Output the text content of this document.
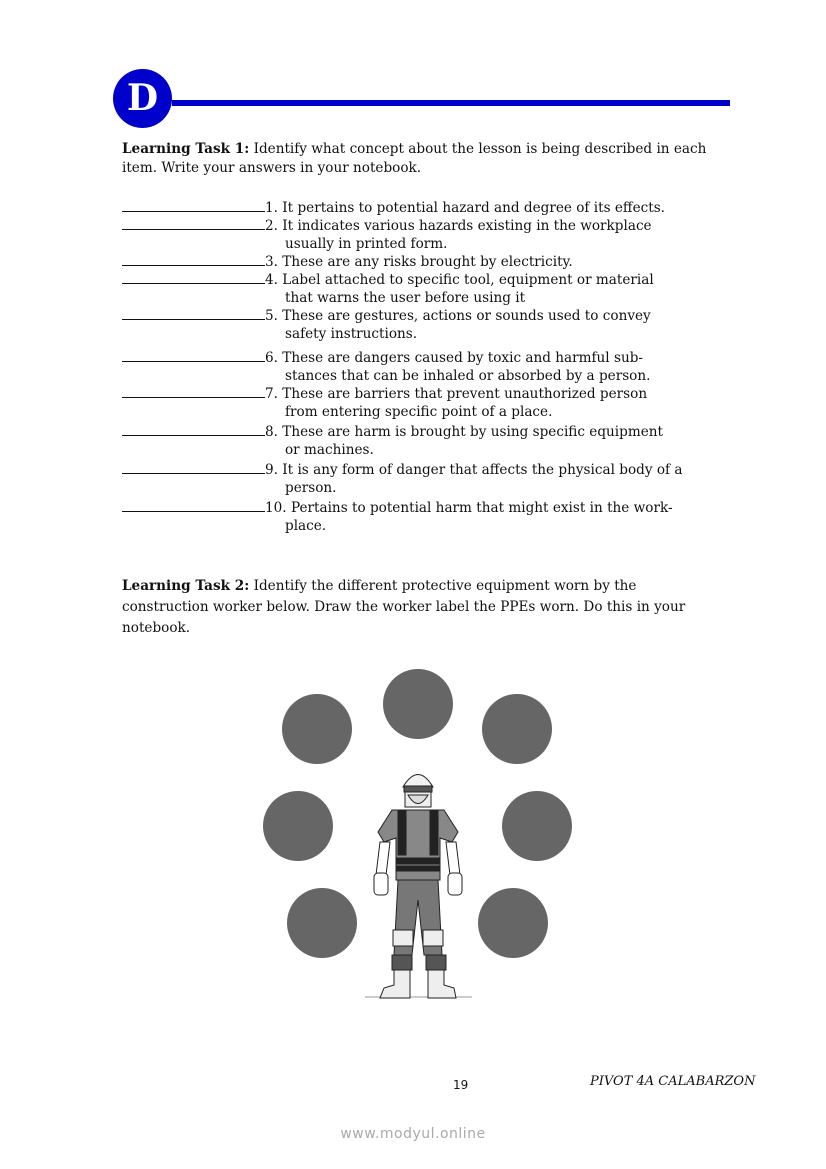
D
Learning Task 1: Identify what concept about the lesson is being described in each item. Write your answers in your notebook.
1. It pertains to potential hazard and degree of its effects.
2. It indicates various hazards existing in the workplace
usually in printed form.
3. These are any risks brought by electricity.
4. Label attached to specific tool, equipment or material
that warns the user before using it
5. These are gestures, actions or sounds used to convey
safety instructions.
6. These are dangers caused by toxic and harmful sub-
stances that can be inhaled or absorbed by a person.
7. These are barriers that prevent unauthorized person
from entering specific point of a place.
8. These are harm is brought by using specific equipment
or machines.
9. It is any form of danger that affects the physical body of a
person.
10. Pertains to potential harm that might exist in the work-
place.
Learning Task 2: Identify the different protective equipment worn by the construction worker below. Draw the worker label the PPEs worn. Do this in your notebook.
19	PIVOT 4A CALABARZON
www.modyul.online
